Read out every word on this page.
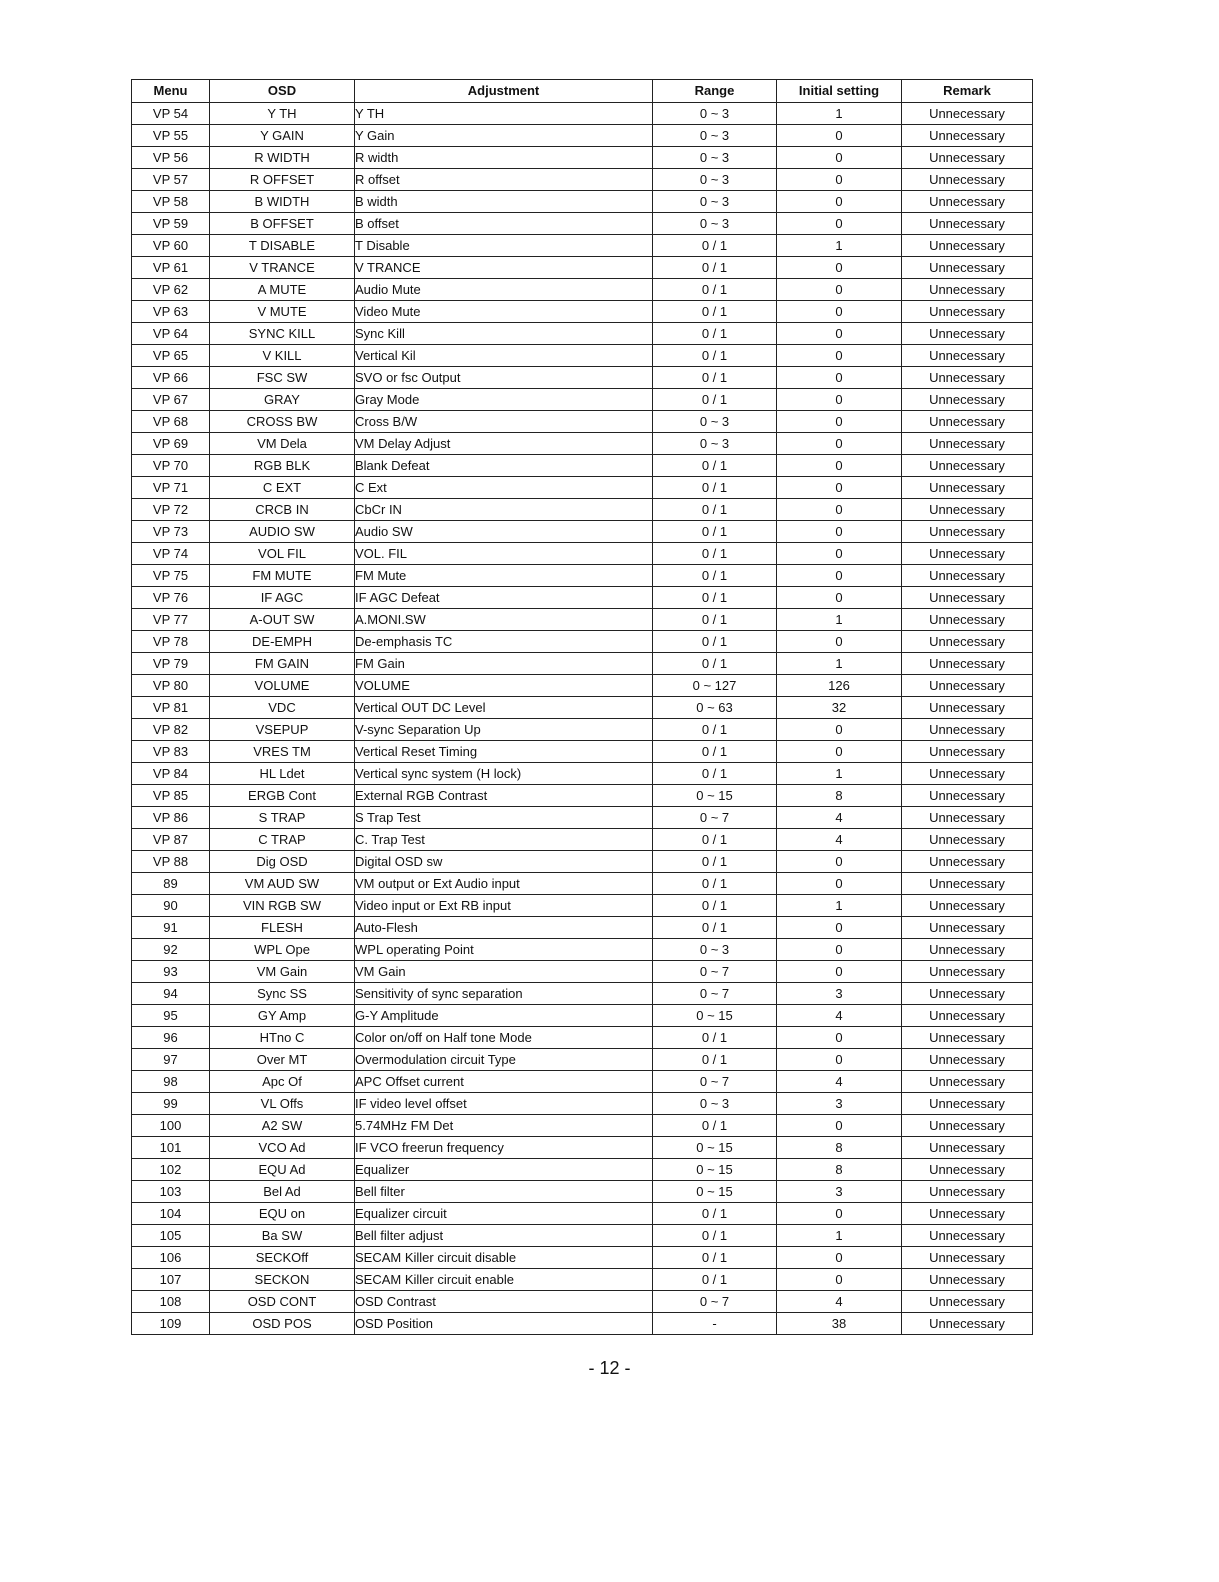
Menu	OSD	Adjustment	Range	Initial setting	Remark
VP 54	Y TH	Y TH	0 ~ 3	1	Unnecessary
VP 55	Y GAIN	Y Gain	0 ~ 3	0	Unnecessary
VP 56	R WIDTH	R width	0 ~ 3	0	Unnecessary
VP 57	R OFFSET	R offset	0 ~ 3	0	Unnecessary
VP 58	B WIDTH	B width	0 ~ 3	0	Unnecessary
VP 59	B OFFSET	B offset	0 ~ 3	0	Unnecessary
VP 60	T DISABLE	T Disable	0 / 1	1	Unnecessary
VP 61	V TRANCE	V TRANCE	0 / 1	0	Unnecessary
VP 62	A MUTE	Audio Mute	0 / 1	0	Unnecessary
VP 63	V MUTE	Video Mute	0 / 1	0	Unnecessary
VP 64	SYNC KILL	Sync Kill	0 / 1	0	Unnecessary
VP 65	V KILL	Vertical Kil	0 / 1	0	Unnecessary
VP 66	FSC SW	SVO or fsc Output	0 / 1	0	Unnecessary
VP 67	GRAY	Gray Mode	0 / 1	0	Unnecessary
VP 68	CROSS BW	Cross B/W	0 ~ 3	0	Unnecessary
VP 69	VM Dela	VM Delay Adjust	0 ~ 3	0	Unnecessary
VP 70	RGB BLK	Blank Defeat	0 / 1	0	Unnecessary
VP 71	C EXT	C Ext	0 / 1	0	Unnecessary
VP 72	CRCB IN	CbCr IN	0 / 1	0	Unnecessary
VP 73	AUDIO SW	Audio SW	0 / 1	0	Unnecessary
VP 74	VOL FIL	VOL. FIL	0 / 1	0	Unnecessary
VP 75	FM MUTE	FM Mute	0 / 1	0	Unnecessary
VP 76	IF AGC	IF AGC Defeat	0 / 1	0	Unnecessary
VP 77	A-OUT SW	A.MONI.SW	0 / 1	1	Unnecessary
VP 78	DE-EMPH	De-emphasis TC	0 / 1	0	Unnecessary
VP 79	FM GAIN	FM Gain	0 / 1	1	Unnecessary
VP 80	VOLUME	VOLUME	0 ~ 127	126	Unnecessary
VP 81	VDC	Vertical OUT DC Level	0 ~ 63	32	Unnecessary
VP 82	VSEPUP	V-sync Separation Up	0 / 1	0	Unnecessary
VP 83	VRES TM	Vertical Reset Timing	0 / 1	0	Unnecessary
VP 84	HL Ldet	Vertical sync system (H lock)	0 / 1	1	Unnecessary
VP 85	ERGB Cont	External RGB Contrast	0 ~ 15	8	Unnecessary
VP 86	S TRAP	S Trap Test	0 ~ 7	4	Unnecessary
VP 87	C TRAP	C. Trap Test	0 / 1	4	Unnecessary
VP 88	Dig OSD	Digital OSD sw	0 / 1	0	Unnecessary
89	VM AUD SW	VM output or Ext Audio input	0 / 1	0	Unnecessary
90	VIN RGB SW	Video input or Ext RB input	0 / 1	1	Unnecessary
91	FLESH	Auto-Flesh	0 / 1	0	Unnecessary
92	WPL Ope	WPL operating Point	0 ~ 3	0	Unnecessary
93	VM Gain	VM Gain	0 ~ 7	0	Unnecessary
94	Sync SS	Sensitivity of sync separation	0 ~ 7	3	Unnecessary
95	GY Amp	G-Y Amplitude	0 ~ 15	4	Unnecessary
96	HTno C	Color on/off on Half tone Mode	0 / 1	0	Unnecessary
97	Over MT	Overmodulation circuit Type	0 / 1	0	Unnecessary
98	Apc Of	APC Offset current	0 ~ 7	4	Unnecessary
99	VL Offs	IF video level offset	0 ~ 3	3	Unnecessary
100	A2 SW	5.74MHz FM Det	0 / 1	0	Unnecessary
101	VCO Ad	IF VCO freerun frequency	0 ~ 15	8	Unnecessary
102	EQU Ad	Equalizer	0 ~ 15	8	Unnecessary
103	Bel Ad	Bell filter	0 ~ 15	3	Unnecessary
104	EQU on	Equalizer circuit	0 / 1	0	Unnecessary
105	Ba SW	Bell filter adjust	0 / 1	1	Unnecessary
106	SECKOff	SECAM Killer circuit disable	0 / 1	0	Unnecessary
107	SECKON	SECAM Killer circuit enable	0 / 1	0	Unnecessary
108	OSD CONT	OSD Contrast	0 ~ 7	4	Unnecessary
109	OSD POS	OSD Position	-	38	Unnecessary
- 12 -
